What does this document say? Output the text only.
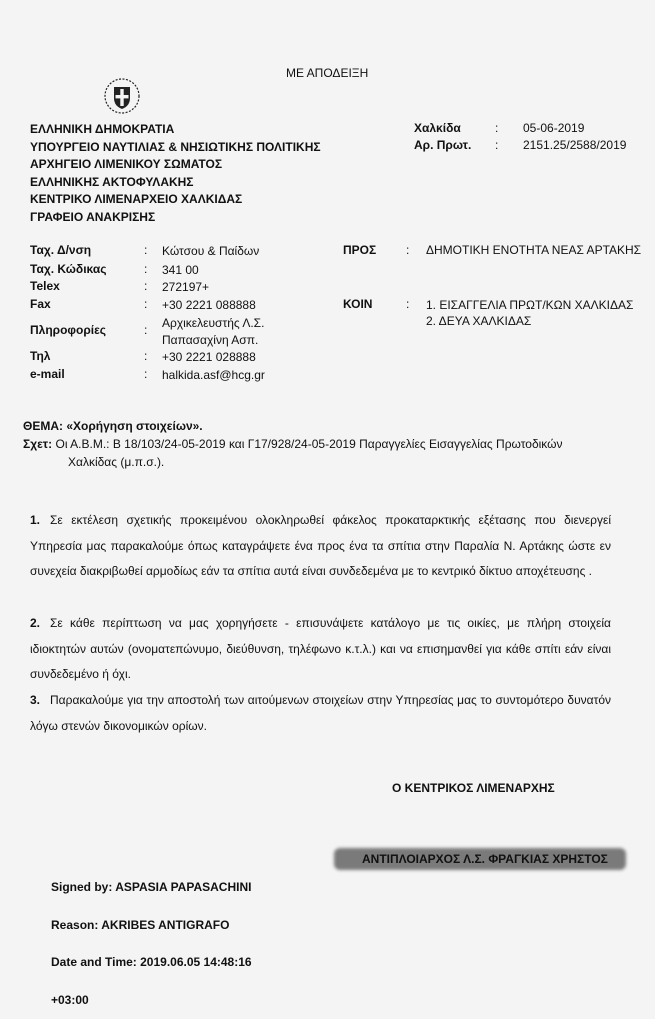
ΜΕ ΑΠΟΔΕΙΞΗ
ΕΛΛΗΝΙΚΗ ΔΗΜΟΚΡΑΤΙΑ
ΥΠΟΥΡΓΕΙΟ ΝΑΥΤΙΛΙΑΣ & ΝΗΣΙΩΤΙΚΗΣ ΠΟΛΙΤΙΚΗΣ
ΑΡΧΗΓΕΙΟ ΛΙΜΕΝΙΚΟΥ ΣΩΜΑΤΟΣ
ΕΛΛΗΝΙΚΗΣ ΑΚΤΟΦΥΛΑΚΗΣ
ΚΕΝΤΡΙΚΟ ΛΙΜΕΝΑΡΧΕΙΟ ΧΑΛΚΙΔΑΣ
ΓΡΑΦΕΙΟ ΑΝΑΚΡΙΣΗΣ
Χαλκίδα	: 05-06-2019
Αρ. Πρωτ. : 2151.25/2588/2019
Ταχ. Δ/νση	: Κώτσου & Παίδων
Ταχ. Κώδικας	: 341 00
Telex	: 272197+
Fax	: +30 2221 088888
Πληροφορίες	: Αρχικελευστής Λ.Σ.
Παπασαχίνη Ασπ.
Τηλ	: +30 2221 028888
e-mail	: halkida.asf@hcg.gr
ΠΡΟΣ : ΔΗΜΟΤΙΚΗ ΕΝΟΤΗΤΑ ΝΕΑΣ ΑΡΤΑΚΗΣ
ΚΟΙΝ	: 1. ΕΙΣΑΓΓΕΛΙΑ ΠΡΩΤ/ΚΩΝ ΧΑΛΚΙΔΑΣ
2. ΔΕΥΑ ΧΑΛΚΙΔΑΣ
ΘΕΜΑ: «Χορήγηση στοιχείων».
Σχετ: Οι Α.Β.Μ.: Β 18/103/24-05-2019 και Γ17/928/24-05-2019 Παραγγελίες Εισαγγελίας Πρωτοδικών
Χαλκίδας (μ.π.σ.).
1. Σε εκτέλεση σχετικής προκειμένου ολοκληρωθεί φάκελος προκαταρκτικής εξέτασης που διενεργεί Υπηρεσία μας παρακαλούμε όπως καταγράψετε ένα προς ένα τα σπίτια στην Παραλία Ν. Αρτάκης ώστε εν συνεχεία διακριβωθεί αρμοδίως εάν τα σπίτια αυτά είναι συνδεδεμένα με το κεντρικό δίκτυο αποχέτευσης .
2. Σε κάθε περίπτωση να μας χορηγήσετε - επισυνάψετε κατάλογο με τις οικίες, με πλήρη στοιχεία ιδιοκτητών αυτών (ονοματεπώνυμο, διεύθυνση, τηλέφωνο κ.τ.λ.) και να επισημανθεί για κάθε σπίτι εάν είναι συνδεδεμένο ή όχι.
3. Παρακαλούμε για την αποστολή των αιτούμενων στοιχείων στην Υπηρεσίας μας το συντομότερο δυνατόν λόγω στενών δικονομικών ορίων.
Ο ΚΕΝΤΡΙΚΟΣ ΛΙΜΕΝΑΡΧΗΣ
ΑΝΤΙΠΛΟΙΑΡΧΟΣ Λ.Σ. ΦΡΑΓΚΙΑΣ ΧΡΗΣΤΟΣ

Signed by: ASPASIA PAPASACHINI

Reason: AKRIBES ANTIGRAFO

Date and Time: 2019.06.05 14:48:16

+03:00
